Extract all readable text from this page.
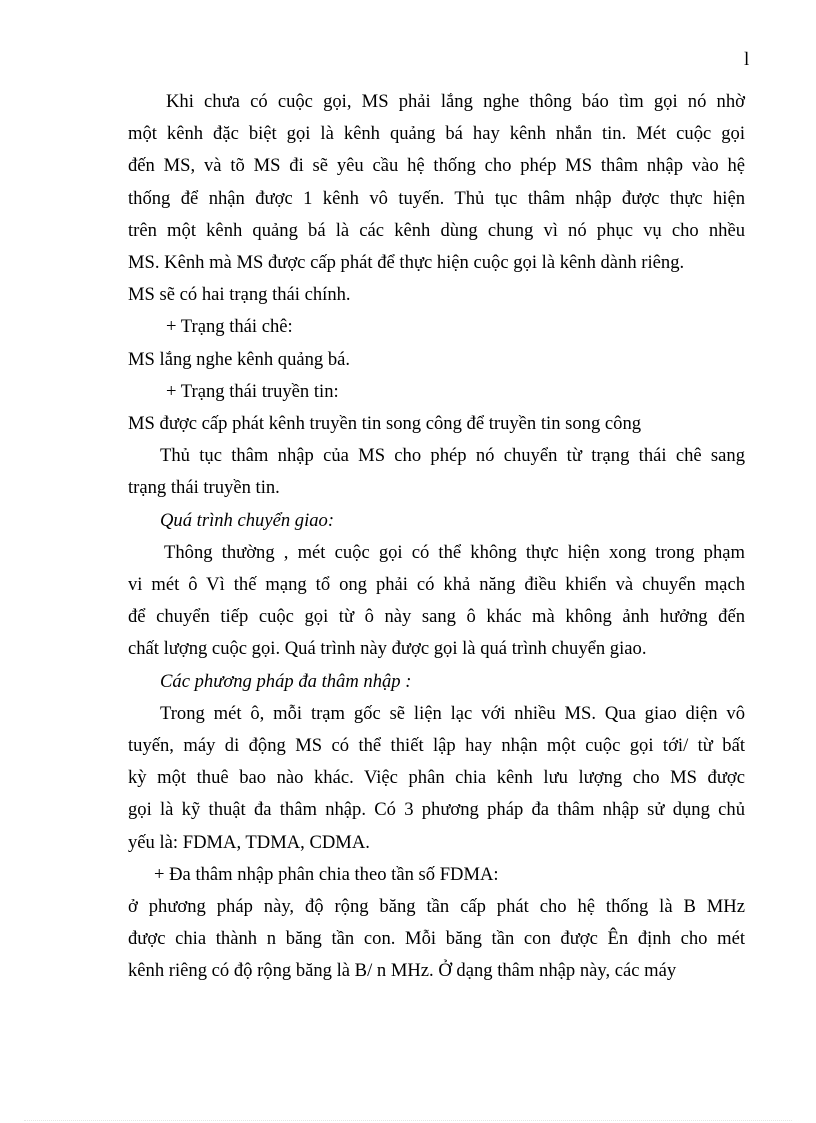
l

Khi chưa có cuộc gọi, MS phải lắng nghe thông báo tìm gọi nó nhờ

một kênh đặc biệt gọi là kênh quảng bá hay kênh nhắn tin. Mét cuộc gọi

đến MS, và tõ MS đi sẽ yêu cầu hệ thống cho phép MS thâm nhập vào hệ

thống để nhận được 1 kênh vô tuyến. Thủ tục thâm nhập được thực hiện

trên một kênh quảng bá là các kênh dùng chung vì nó phục vụ cho nhều

MS. Kênh mà MS được cấp phát để thực hiện cuộc gọi là kênh dành riêng.

MS sẽ có hai trạng thái chính.

+ Trạng thái chê:

MS lắng nghe kênh quảng bá.

+ Trạng thái truyền tin:

MS được cấp phát kênh truyền tin song công để truyền tin song công

Thủ tục thâm nhập của MS cho phép nó chuyển từ trạng thái chê sang

trạng thái truyền tin.

Quá trình chuyển giao:

Thông thường , mét cuộc gọi có thể không thực hiện xong trong phạm

vi mét ô Vì thế mạng tổ ong phải có khả năng điều khiển và chuyển mạch

để chuyển tiếp cuộc gọi từ ô này sang ô khác mà không ảnh hưởng đến

chất lượng cuộc gọi. Quá trình này được gọi là quá trình chuyển giao.

Các phương pháp đa thâm nhập :

Trong mét ô, mỗi trạm gốc sẽ liện lạc với nhiều MS. Qua giao diện vô

tuyến, máy di động MS có thể thiết lập hay nhận một cuộc gọi tới/ từ bất

kỳ một thuê bao nào khác. Việc phân chia kênh lưu lượng cho MS được

gọi là kỹ thuật đa thâm nhập. Có 3 phương pháp đa thâm nhập sử dụng chủ

yếu là: FDMA, TDMA, CDMA.

+ Đa thâm nhập phân chia theo tần số FDMA:

ở phương pháp này, độ rộng băng tần cấp phát cho hệ thống là B MHz

được chia thành n băng tần con. Mỗi băng tần con được Ên định cho mét

kênh riêng có độ rộng băng là B/ n MHz. Ở dạng thâm nhập này, các máy
